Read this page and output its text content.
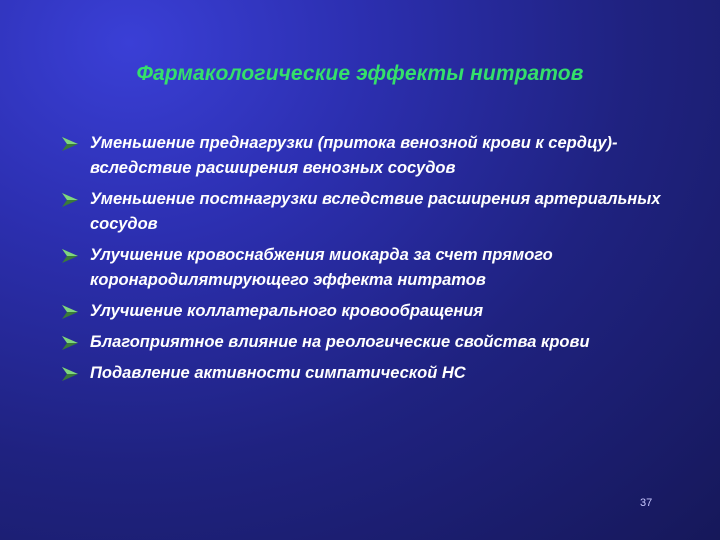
Фармакологические эффекты нитратов
Уменьшение преднагрузки (притока венозной крови к сердцу)- вследствие расширения венозных сосудов
Уменьшение постнагрузки вследствие расширения артериальных сосудов
Улучшение кровоснабжения миокарда за счет прямого коронародилятирующего эффекта нитратов
Улучшение коллатерального кровообращения
Благоприятное влияние на реологические свойства крови
Подавление активности симпатической НС
37
